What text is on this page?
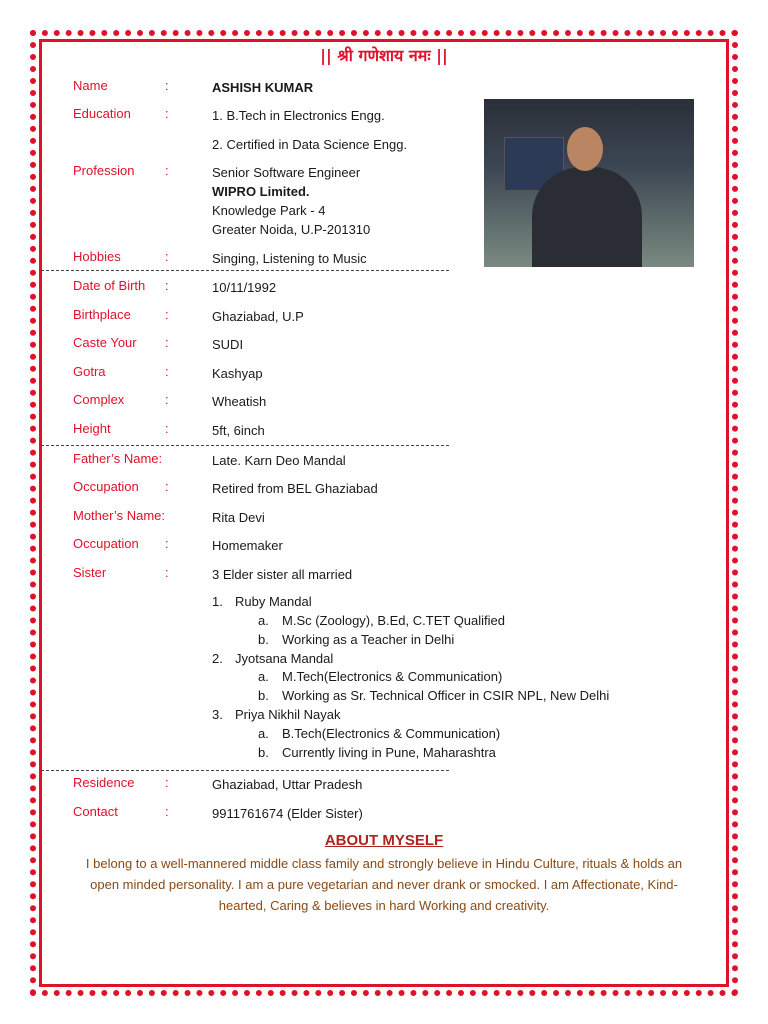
|| श्री गणेशाय नमः ||
Name	:	ASHISH KUMAR
Education	:	1. B.Tech in Electronics Engg.
2. Certified in Data Science Engg.
Profession :	Senior Software Engineer
WIPRO Limited.
Knowledge Park - 4
Greater Noida, U.P-201310
Hobbies	:	Singing, Listening to Music
Date of Birth :	10/11/1992
Birthplace	:	Ghaziabad, U.P
Caste Your :	SUDI
Gotra	:	Kashyap
Complex	:	Wheatish
Height	:	5ft, 6inch
Father’s Name:	Late. Karn Deo Mandal
Occupation :	Retired from BEL Ghaziabad
Mother’s Name:	Rita Devi
Occupation :	Homemaker
Sister	:	3 Elder sister all married
1. Ruby Mandal
a. M.Sc (Zoology), B.Ed, C.TET Qualified
b. Working as a Teacher in Delhi
2. Jyotsana Mandal
a. M.Tech(Electronics & Communication)
b. Working as Sr. Technical Officer in CSIR NPL, New Delhi
3. Priya Nikhil Nayak
a. B.Tech(Electronics & Communication)
b. Currently living in Pune, Maharashtra
Residence :	Ghaziabad, Uttar Pradesh
Contact	:	9911761674 (Elder Sister)
ABOUT MYSELF
I belong to a well-mannered middle class family and strongly believe in Hindu Culture, rituals & holds an open minded personality. I am a pure vegetarian and never drank or smocked. I am Affectionate, Kind-hearted, Caring & believes in hard Working and creativity.
